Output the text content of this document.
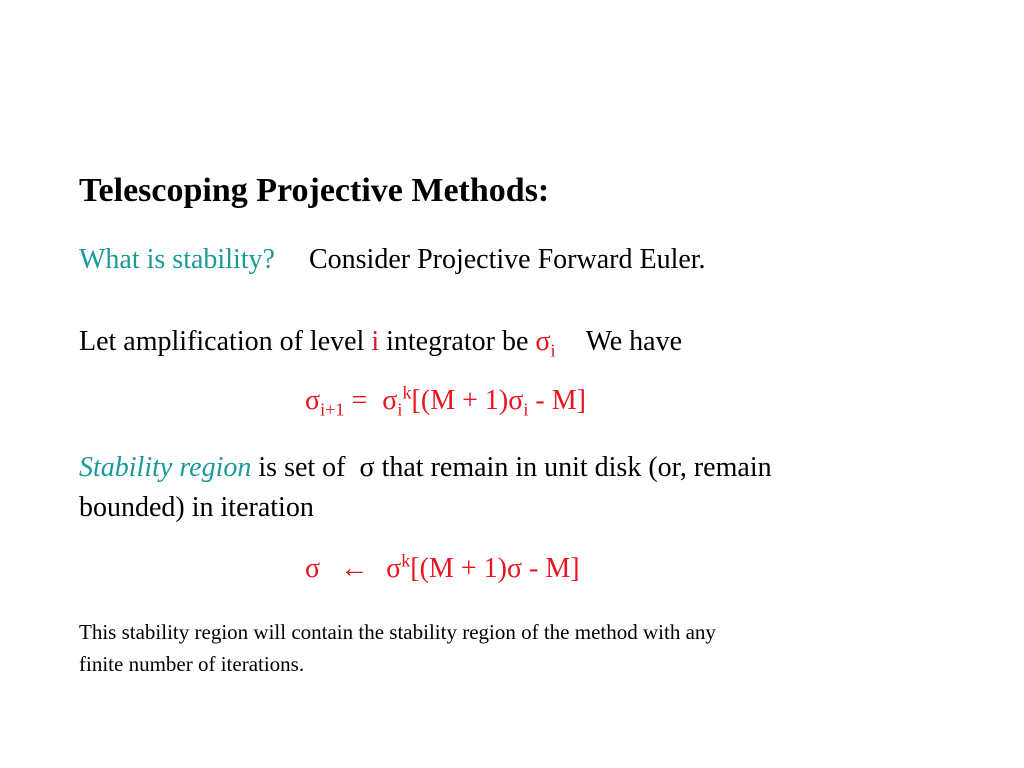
Telescoping Projective Methods:
What is stability? Consider Projective Forward Euler.
Let amplification of level i integrator be $\sigma_i$ We have
$\sigma_{i+1} = \sigma_i^k[(M + 1)\sigma_i - M]$
Stability region is set of  σ that remain in unit disk (or, remain
bounded) in iteration
σ ← $\sigma^k[(M + 1)\sigma - M]$
This stability region will contain the stability region of the method with any
finite number of iterations.
